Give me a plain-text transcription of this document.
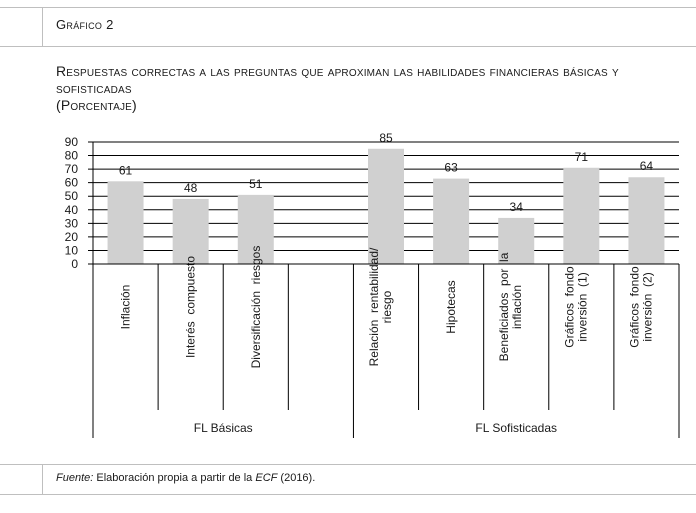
Gráfico 2
Respuestas correctas a las preguntas que aproximan las habilidades financieras básicas y sofisticadas
(Porcentaje)
0
10
20
30
40
50
60
70
80
90
61
Inflación
48
Interés  compuesto
51
Diversificación  riesgos
85
Relación  rentabilidad/riesgo
63
Hipotecas
34
Beneficiados  por  lainflación
71
Gráficos  fondoinversión  (1)
64
Gráficos  fondoinversión  (2)
FL Básicas	FL Sofisticadas
Fuente: Elaboración propia a partir de la ECF (2016).
